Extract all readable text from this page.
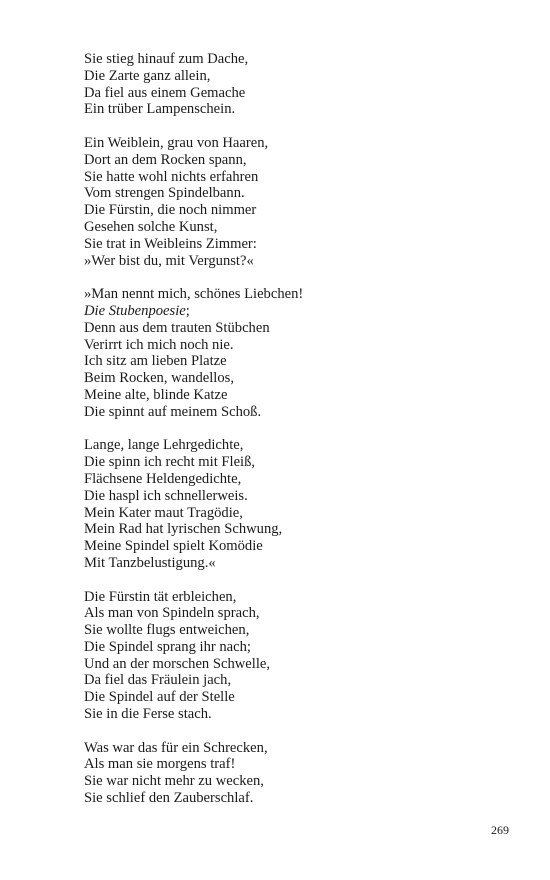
Sie stieg hinauf zum Dache,
Die Zarte ganz allein,
Da fiel aus einem Gemache
Ein trüber Lampenschein.
Ein Weiblein, grau von Haaren,
Dort an dem Rocken spann,
Sie hatte wohl nichts erfahren
Vom strengen Spindelbann.
Die Fürstin, die noch nimmer
Gesehen solche Kunst,
Sie trat in Weibleins Zimmer:
»Wer bist du, mit Vergunst?«
»Man nennt mich, schönes Liebchen!
Die Stubenpoesie;
Denn aus dem trauten Stübchen
Verirrt ich mich noch nie.
Ich sitz am lieben Platze
Beim Rocken, wandellos,
Meine alte, blinde Katze
Die spinnt auf meinem Schoß.
Lange, lange Lehrgedichte,
Die spinn ich recht mit Fleiß,
Flächsene Heldengedichte,
Die haspl ich schnellerweis.
Mein Kater maut Tragödie,
Mein Rad hat lyrischen Schwung,
Meine Spindel spielt Komödie
Mit Tanzbelustigung.«
Die Fürstin tät erbleichen,
Als man von Spindeln sprach,
Sie wollte flugs entweichen,
Die Spindel sprang ihr nach;
Und an der morschen Schwelle,
Da fiel das Fräulein jach,
Die Spindel auf der Stelle
Sie in die Ferse stach.
Was war das für ein Schrecken,
Als man sie morgens traf!
Sie war nicht mehr zu wecken,
Sie schlief den Zauberschlaf.
269
